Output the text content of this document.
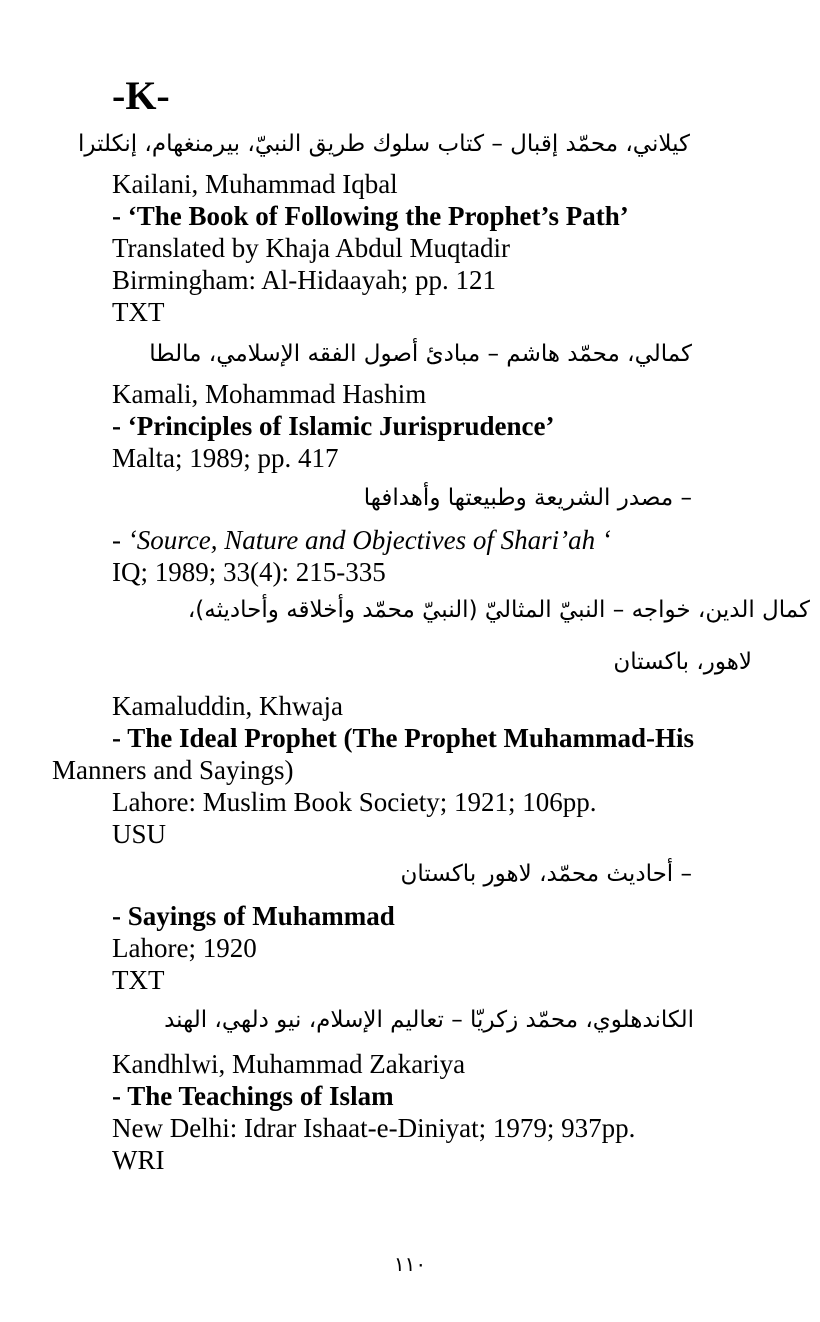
-K-
كيلاني، محمّد إقبال – كتاب سلوك طريق النبيّ، بيرمنغهام، إنكلترا
Kailani, Muhammad Iqbal
- ‘The Book of Following the Prophet’s Path’
Translated by Khaja Abdul Muqtadir
Birmingham: Al-Hidaayah; pp. 121
TXT
كمالي، محمّد هاشم – مبادئ أصول الفقه الإسلامي، مالطا
Kamali, Mohammad Hashim
- ‘Principles of Islamic Jurisprudence’
Malta; 1989; pp. 417
– مصدر الشريعة وطبيعتها وأهدافها
- ‘Source, Nature and Objectives of Shari’ah ‘
IQ; 1989; 33(4): 215-335
كمال الدين، خواجه – النبيّ المثاليّ (النبيّ محمّد وأخلاقه وأحاديثه)،
لاهور، باكستان
Kamaluddin, Khwaja
- The Ideal Prophet (The Prophet Muhammad-His
Manners and Sayings)
Lahore: Muslim Book Society; 1921; 106pp.
USU
– أحاديث محمّد، لاهور باكستان
- Sayings of Muhammad
Lahore; 1920
TXT
الكاندهلوي، محمّد زكريّا – تعاليم الإسلام، نيو دلهي، الهند
Kandhlwi, Muhammad Zakariya
- The Teachings of Islam
New Delhi: Idrar Ishaat-e-Diniyat; 1979; 937pp.
WRI
١١٠
